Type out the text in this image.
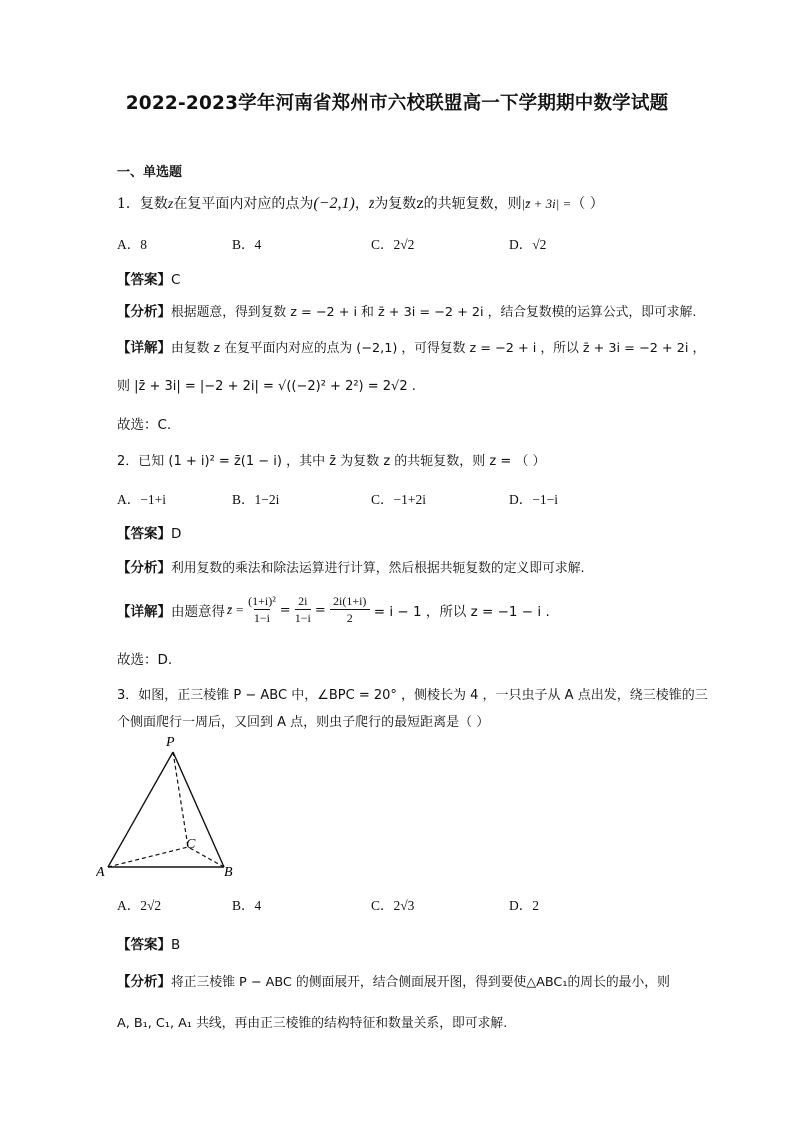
2022-2023学年河南省郑州市六校联盟高一下学期期中数学试题
一、单选题
1．复数z在复平面内对应的点为(−2,1)，z̄为复数z的共轭复数，则|z̄ + 3i| =（ ）
A．8	B．4	C．2√2	D．√2
【答案】C
【分析】根据题意，得到复数 z = −2 + i 和 z̄ + 3i = −2 + 2i ，结合复数模的运算公式，即可求解.
【详解】由复数 z 在复平面内对应的点为 (−2,1) ，可得复数 z = −2 + i ，所以 z̄ + 3i = −2 + 2i ，
则 |z̄ + 3i| = |−2 + 2i| = √((−2)² + 2²) = 2√2 .
故选：C.
2．已知 (1 + i)² = z̄(1 − i) ，其中 z̄ 为复数 z 的共轭复数，则 z = （ ）
A．−1+i	B．1−2i	C．−1+2i	D．−1−i
【答案】D
【分析】利用复数的乘法和除法运算进行计算，然后根据共轭复数的定义即可求解.
【详解】 由题意得 z̄ = $\frac{\text{(1+i)²}}{1-i} = \frac{2i}{1-i} = \frac{2i(1+i)}{2} = i - 1$ ，所以 z = −1 − i .
故选：D.
3．如图，正三棱锥 P − ABC 中，∠BPC = 20° ，侧棱长为 4 ，一只虫子从 A 点出发，绕三棱锥的三
个侧面爬行一周后，又回到 A 点，则虫子爬行的最短距离是（ ）
P
A	B
C
A．2√2	B．4	C．2√3	D．2
【答案】B
【分析】将正三棱锥 P − ABC 的侧面展开，结合侧面展开图，得到要使△ABC₁的周长的最小，则
A, B₁, C₁, A₁ 共线，再由正三棱锥的结构特征和数量关系，即可求解.
